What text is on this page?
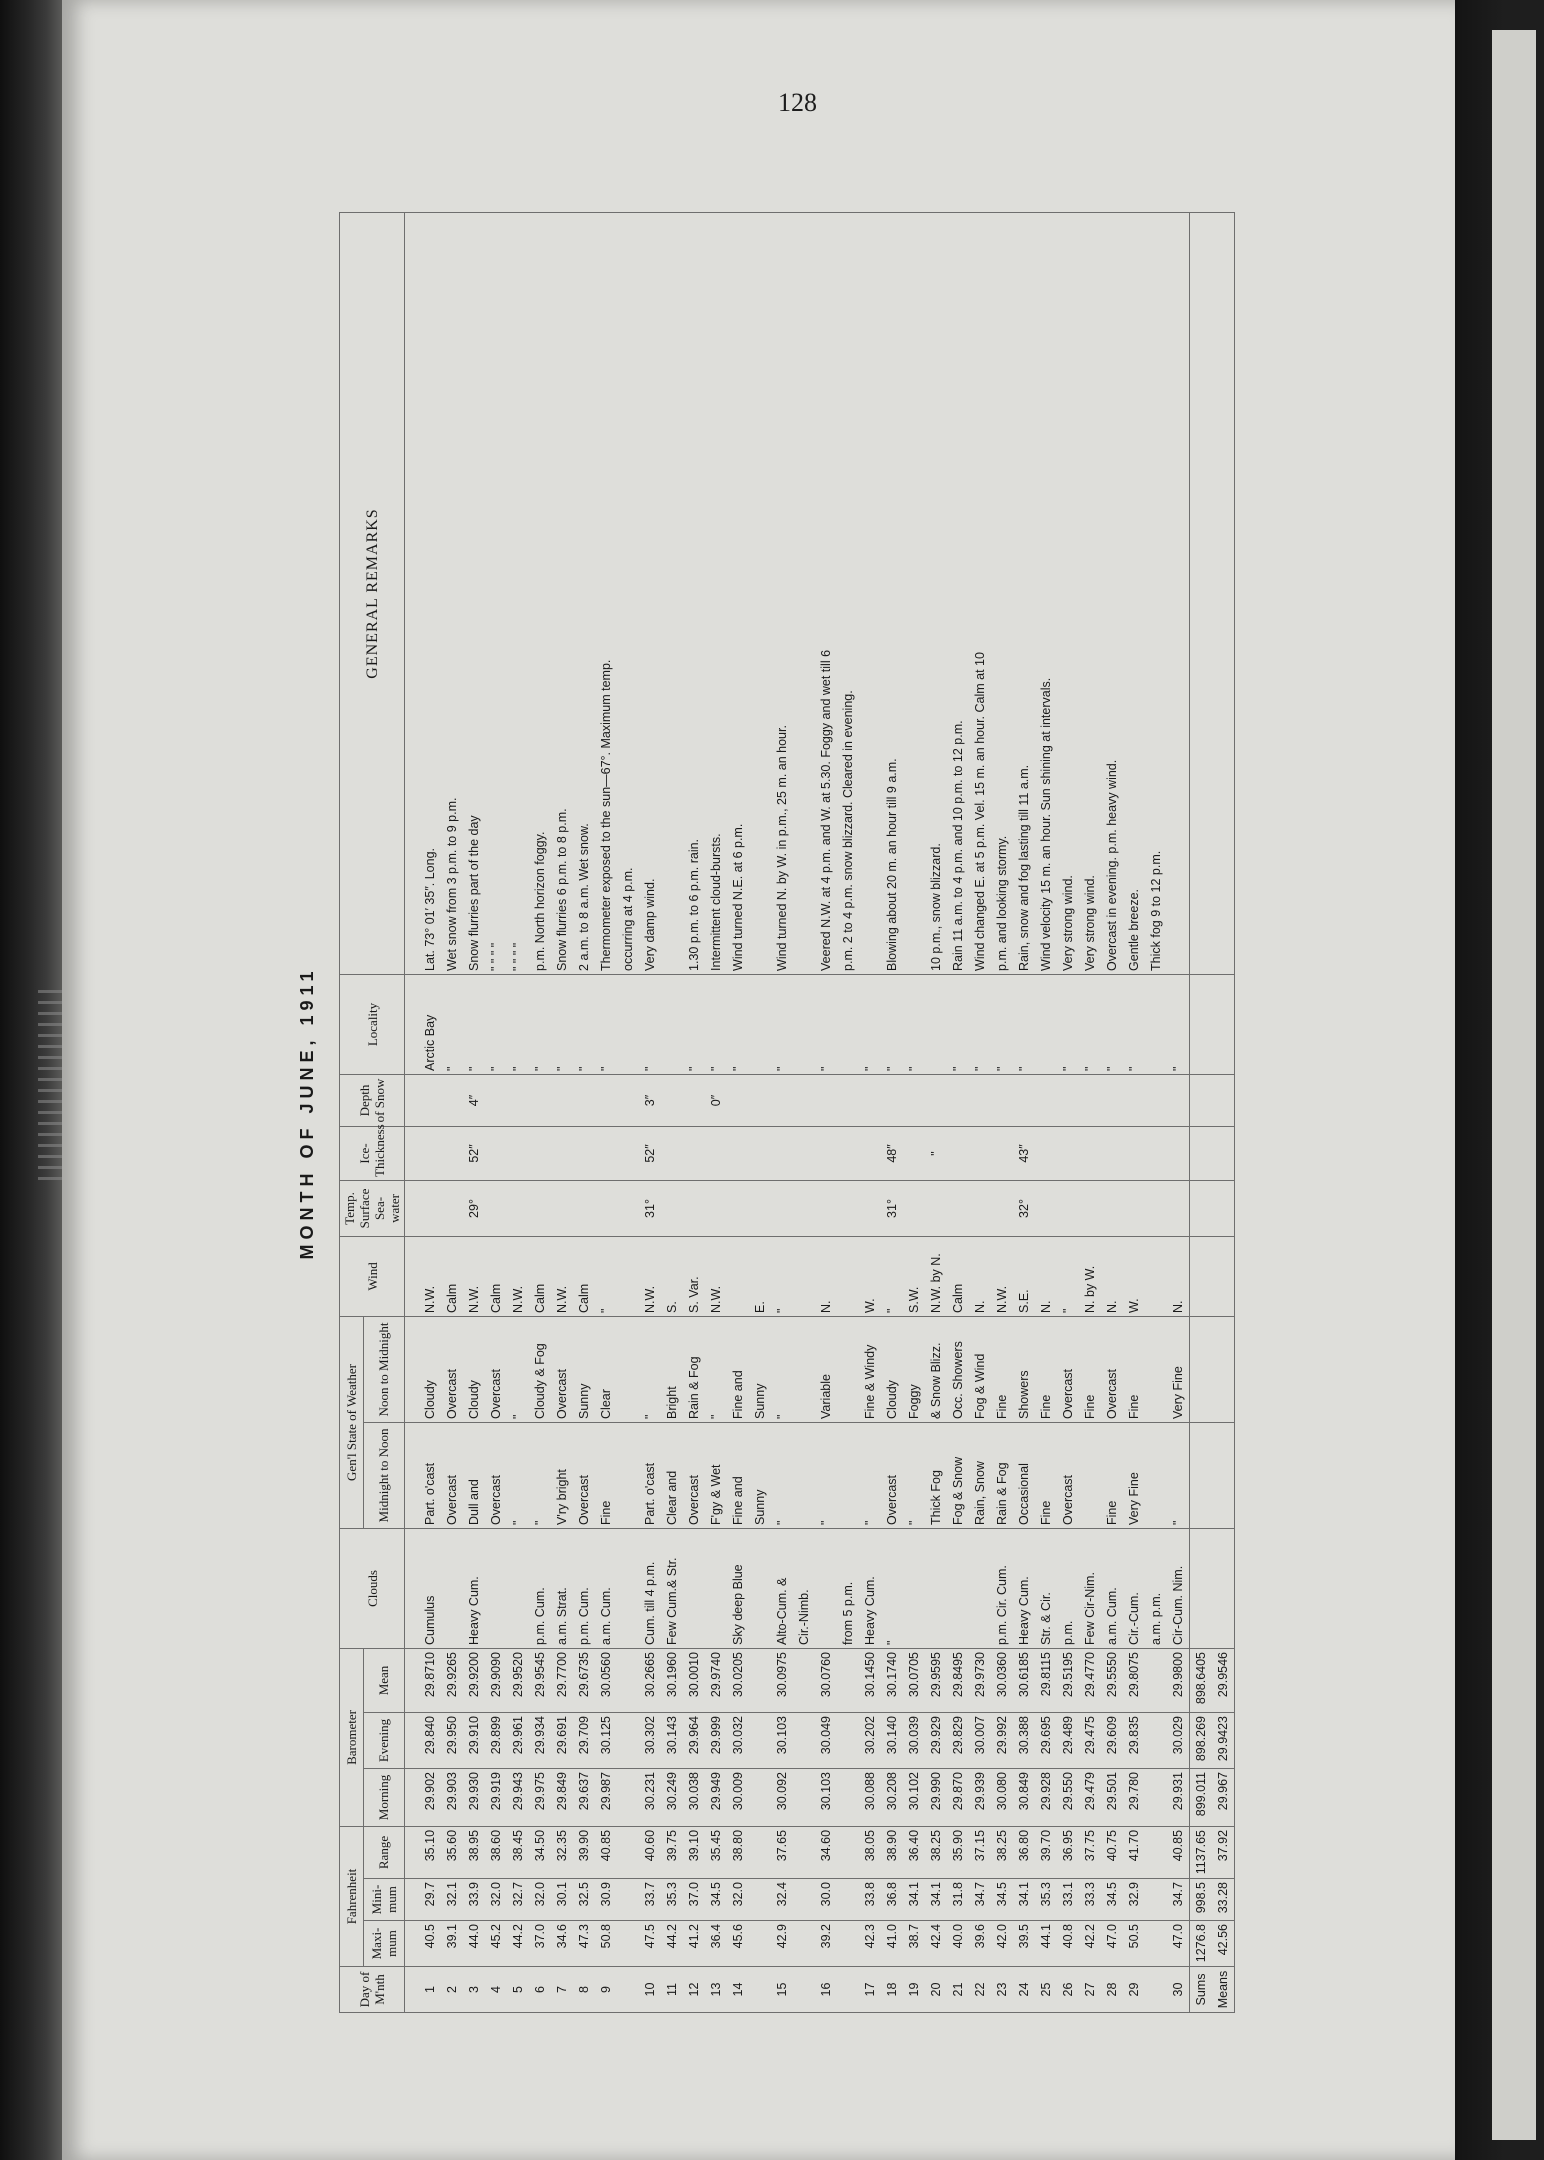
128
MONTH OF JUNE, 1911
Day of M'nth	Fahrenheit			Barometer			Clouds	Gen'l State of Weather		Wind	Temp. Surface Sea-water	Ice- Thickness	Depth of Snow	Locality	GENERAL REMARKS
	Maxi- mum	Mini- mum	Range	Morning	Evening	Mean		Midnight to Noon	Noon to Midnight						
1	40.5	29.7	35.10	29.902	29.840	29.8710	Cumulus	Part. o'cast	Cloudy	N.W.				Arctic Bay	Lat. 73° 01′ 35″. Long.
2	39.1	32.1	35.60	29.903	29.950	29.9265		Overcast	Overcast	Calm				"	Wet snow from 3 p.m. to 9 p.m.
3	44.0	33.9	38.95	29.930	29.910	29.9200	Heavy Cum.	Dull and	Cloudy	N.W.	29°	52″	4″	"	Snow flurries part of the day
4	45.2	32.0	38.60	29.919	29.899	29.9090		Overcast	Overcast	Calm				"	" " " "
5	44.2	32.7	38.45	29.943	29.961	29.9520		"	"	N.W.				"	" " " "
6	37.0	32.0	34.50	29.975	29.934	29.9545	p.m. Cum.	"	Cloudy & Fog	Calm				"	p.m. North horizon foggy.
7	34.6	30.1	32.35	29.849	29.691	29.7700	a.m. Strat.	V'ry bright	Overcast	N.W.				"	Snow flurries 6 p.m. to 8 p.m.
8	47.3	32.5	39.90	29.637	29.709	29.6735	p.m. Cum.	Overcast	Sunny	Calm				"	2 a.m. to 8 a.m. Wet snow.
9	50.8	30.9	40.85	29.987	30.125	30.0560	a.m. Cum.	Fine	Clear	"				"	Thermometer exposed to the sun—67°. Maximum temp.
															occurring at 4 p.m.
10	47.5	33.7	40.60	30.231	30.302	30.2665	Cum. till 4 p.m.	Part. o'cast	"	N.W.	31°	52″	3″	"	Very damp wind.
11	44.2	35.3	39.75	30.249	30.143	30.1960	Few Cum.& Str.	Clear and	Bright	S.					
12	41.2	37.0	39.10	30.038	29.964	30.0010		Overcast	Rain & Fog	S. Var.				"	1.30 p.m. to 6 p.m. rain.
13	36.4	34.5	35.45	29.949	29.999	29.9740		F'gy & Wet	"	N.W.			0″	"	Intermittent cloud-bursts.
14	45.6	32.0	38.80	30.009	30.032	30.0205	Sky deep Blue	Fine and	Fine and					"	Wind turned N.E. at 6 p.m.
								Sunny	Sunny	E.					
15	42.9	32.4	37.65	30.092	30.103	30.0975	Alto-Cum. &	"	"	"				"	Wind turned N. by W. in p.m., 25 m. an hour.
							Cir.-Nimb.								
16	39.2	30.0	34.60	30.103	30.049	30.0760		"	Variable	N.				"	Veered N.W. at 4 p.m. and W. at 5.30. Foggy and wet till 6
							from 5 p.m.								p.m. 2 to 4 p.m. snow blizzard. Cleared in evening.
17	42.3	33.8	38.05	30.088	30.202	30.1450	Heavy Cum.	"	Fine & Windy	W.				"	
18	41.0	36.8	38.90	30.208	30.140	30.1740	"	Overcast	Cloudy	"	31°	48″		"	Blowing about 20 m. an hour till 9 a.m.
19	38.7	34.1	36.40	30.102	30.039	30.0705		"	Foggy	S.W.				"	
20	42.4	34.1	38.25	29.990	29.929	29.9595		Thick Fog	& Snow Blizz.	N.W. by N.		"			10 p.m., snow blizzard.
21	40.0	31.8	35.90	29.870	29.829	29.8495		Fog & Snow	Occ. Showers	Calm				"	Rain 11 a.m. to 4 p.m. and 10 p.m. to 12 p.m.
22	39.6	34.7	37.15	29.939	30.007	29.9730		Rain, Snow	Fog & Wind	N.				"	Wind changed E. at 5 p.m. Vel. 15 m. an hour. Calm at 10
23	42.0	34.5	38.25	30.080	29.992	30.0360	p.m. Cir. Cum.	Rain & Fog	Fine	N.W.				"	p.m. and looking stormy.
24	39.5	34.1	36.80	30.849	30.388	30.6185	Heavy Cum.	Occasional	Showers	S.E.	32°	43″		"	Rain, snow and fog lasting till 11 a.m.
25	44.1	35.3	39.70	29.928	29.695	29.8115	Str. & Cir.	Fine	Fine	N.					Wind velocity 15 m. an hour. Sun shining at intervals.
26	40.8	33.1	36.95	29.550	29.489	29.5195	p.m.	Overcast	Overcast	"				"	Very strong wind.
27	42.2	33.3	37.75	29.479	29.475	29.4770	Few Cir-Nim.		Fine	N. by W.				"	Very strong wind.
28	47.0	34.5	40.75	29.501	29.609	29.5550	a.m. Cum.	Fine	Overcast	N.				"	Overcast in evening. p.m. heavy wind.
29	50.5	32.9	41.70	29.780	29.835	29.8075	Cir.-Cum.	Very Fine	Fine	W.				"	Gentle breeze.
							a.m. p.m.								Thick fog 9 to 12 p.m.
30	47.0	34.7	40.85	29.931	30.029	29.9800	Cir-Cum. Nim.	"	Very Fine	N.				"	
Sums	1276.8	998.5	1137.65	899.011	898.269	898.6405									
Means	42.56	33.28	37.92	29.967	29.9423	29.9546									
